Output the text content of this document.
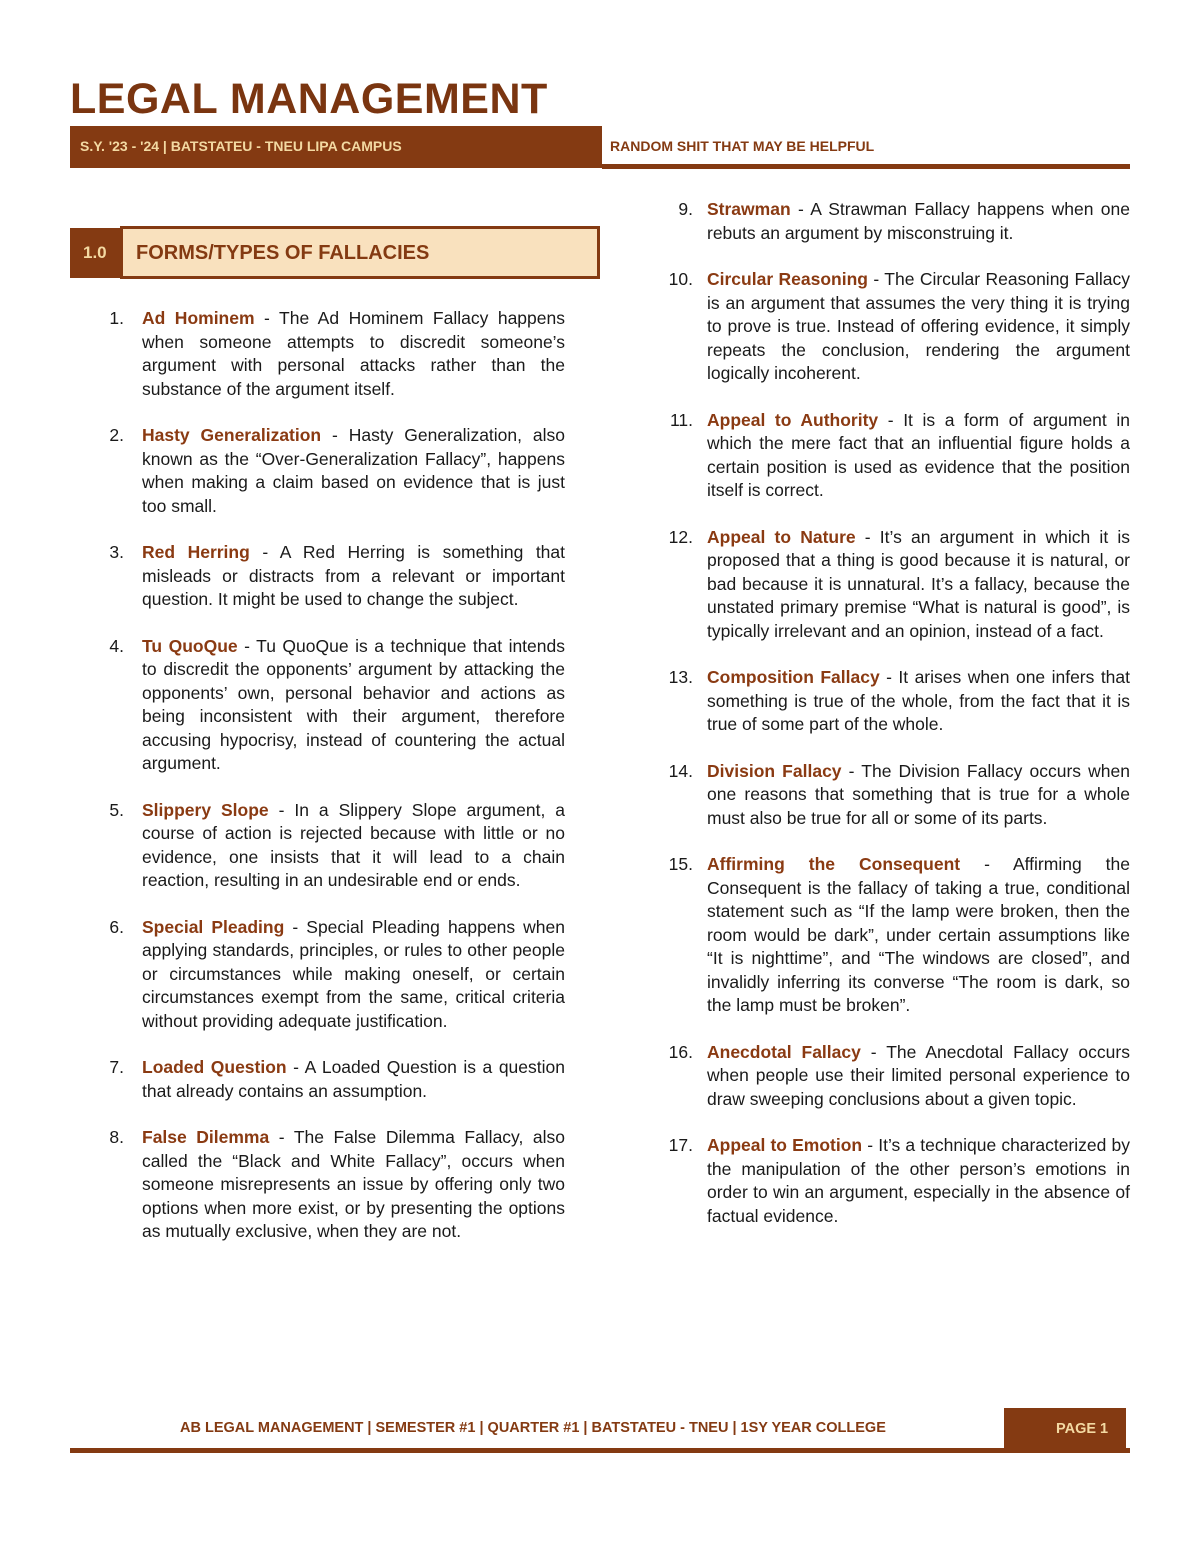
LEGAL MANAGEMENT
S.Y. '23 - '24 | BATSTATEU - TNEU LIPA CAMPUS	RANDOM SHIT THAT MAY BE HELPFUL
1.0 FORMS/TYPES OF FALLACIES
1. Ad Hominem - The Ad Hominem Fallacy happens when someone attempts to discredit someone’s argument with personal attacks rather than the substance of the argument itself.
2. Hasty Generalization - Hasty Generalization, also known as the “Over-Generalization Fallacy”, happens when making a claim based on evidence that is just too small.
3. Red Herring - A Red Herring is something that misleads or distracts from a relevant or important question. It might be used to change the subject.
4. Tu QuoQue - Tu QuoQue is a technique that intends to discredit the opponents’ argument by attacking the opponents’ own, personal behavior and actions as being inconsistent with their argument, therefore accusing hypocrisy, instead of countering the actual argument.
5. Slippery Slope - In a Slippery Slope argument, a course of action is rejected because with little or no evidence, one insists that it will lead to a chain reaction, resulting in an undesirable end or ends.
6. Special Pleading - Special Pleading happens when applying standards, principles, or rules to other people or circumstances while making oneself, or certain circumstances exempt from the same, critical criteria without providing adequate justification.
7. Loaded Question - A Loaded Question is a question that already contains an assumption.
8. False Dilemma - The False Dilemma Fallacy, also called the “Black and White Fallacy”, occurs when someone misrepresents an issue by offering only two options when more exist, or by presenting the options as mutually exclusive, when they are not.
9. Strawman - A Strawman Fallacy happens when one rebuts an argument by misconstruing it.
10. Circular Reasoning - The Circular Reasoning Fallacy is an argument that assumes the very thing it is trying to prove is true. Instead of offering evidence, it simply repeats the conclusion, rendering the argument logically incoherent.
11. Appeal to Authority - It is a form of argument in which the mere fact that an influential figure holds a certain position is used as evidence that the position itself is correct.
12. Appeal to Nature - It’s an argument in which it is proposed that a thing is good because it is natural, or bad because it is unnatural. It’s a fallacy, because the unstated primary premise “What is natural is good”, is typically irrelevant and an opinion, instead of a fact.
13. Composition Fallacy - It arises when one infers that something is true of the whole, from the fact that it is true of some part of the whole.
14. Division Fallacy - The Division Fallacy occurs when one reasons that something that is true for a whole must also be true for all or some of its parts.
15. Affirming the Consequent - Affirming the Consequent is the fallacy of taking a true, conditional statement such as “If the lamp were broken, then the room would be dark”, under certain assumptions like “It is nighttime”, and “The windows are closed”, and invalidly inferring its converse “The room is dark, so the lamp must be broken”.
16. Anecdotal Fallacy - The Anecdotal Fallacy occurs when people use their limited personal experience to draw sweeping conclusions about a given topic.
17. Appeal to Emotion - It’s a technique characterized by the manipulation of the other person’s emotions in order to win an argument, especially in the absence of factual evidence.
AB LEGAL MANAGEMENT | SEMESTER #1 | QUARTER #1 | BATSTATEU - TNEU | 1SY YEAR COLLEGE	PAGE 1
